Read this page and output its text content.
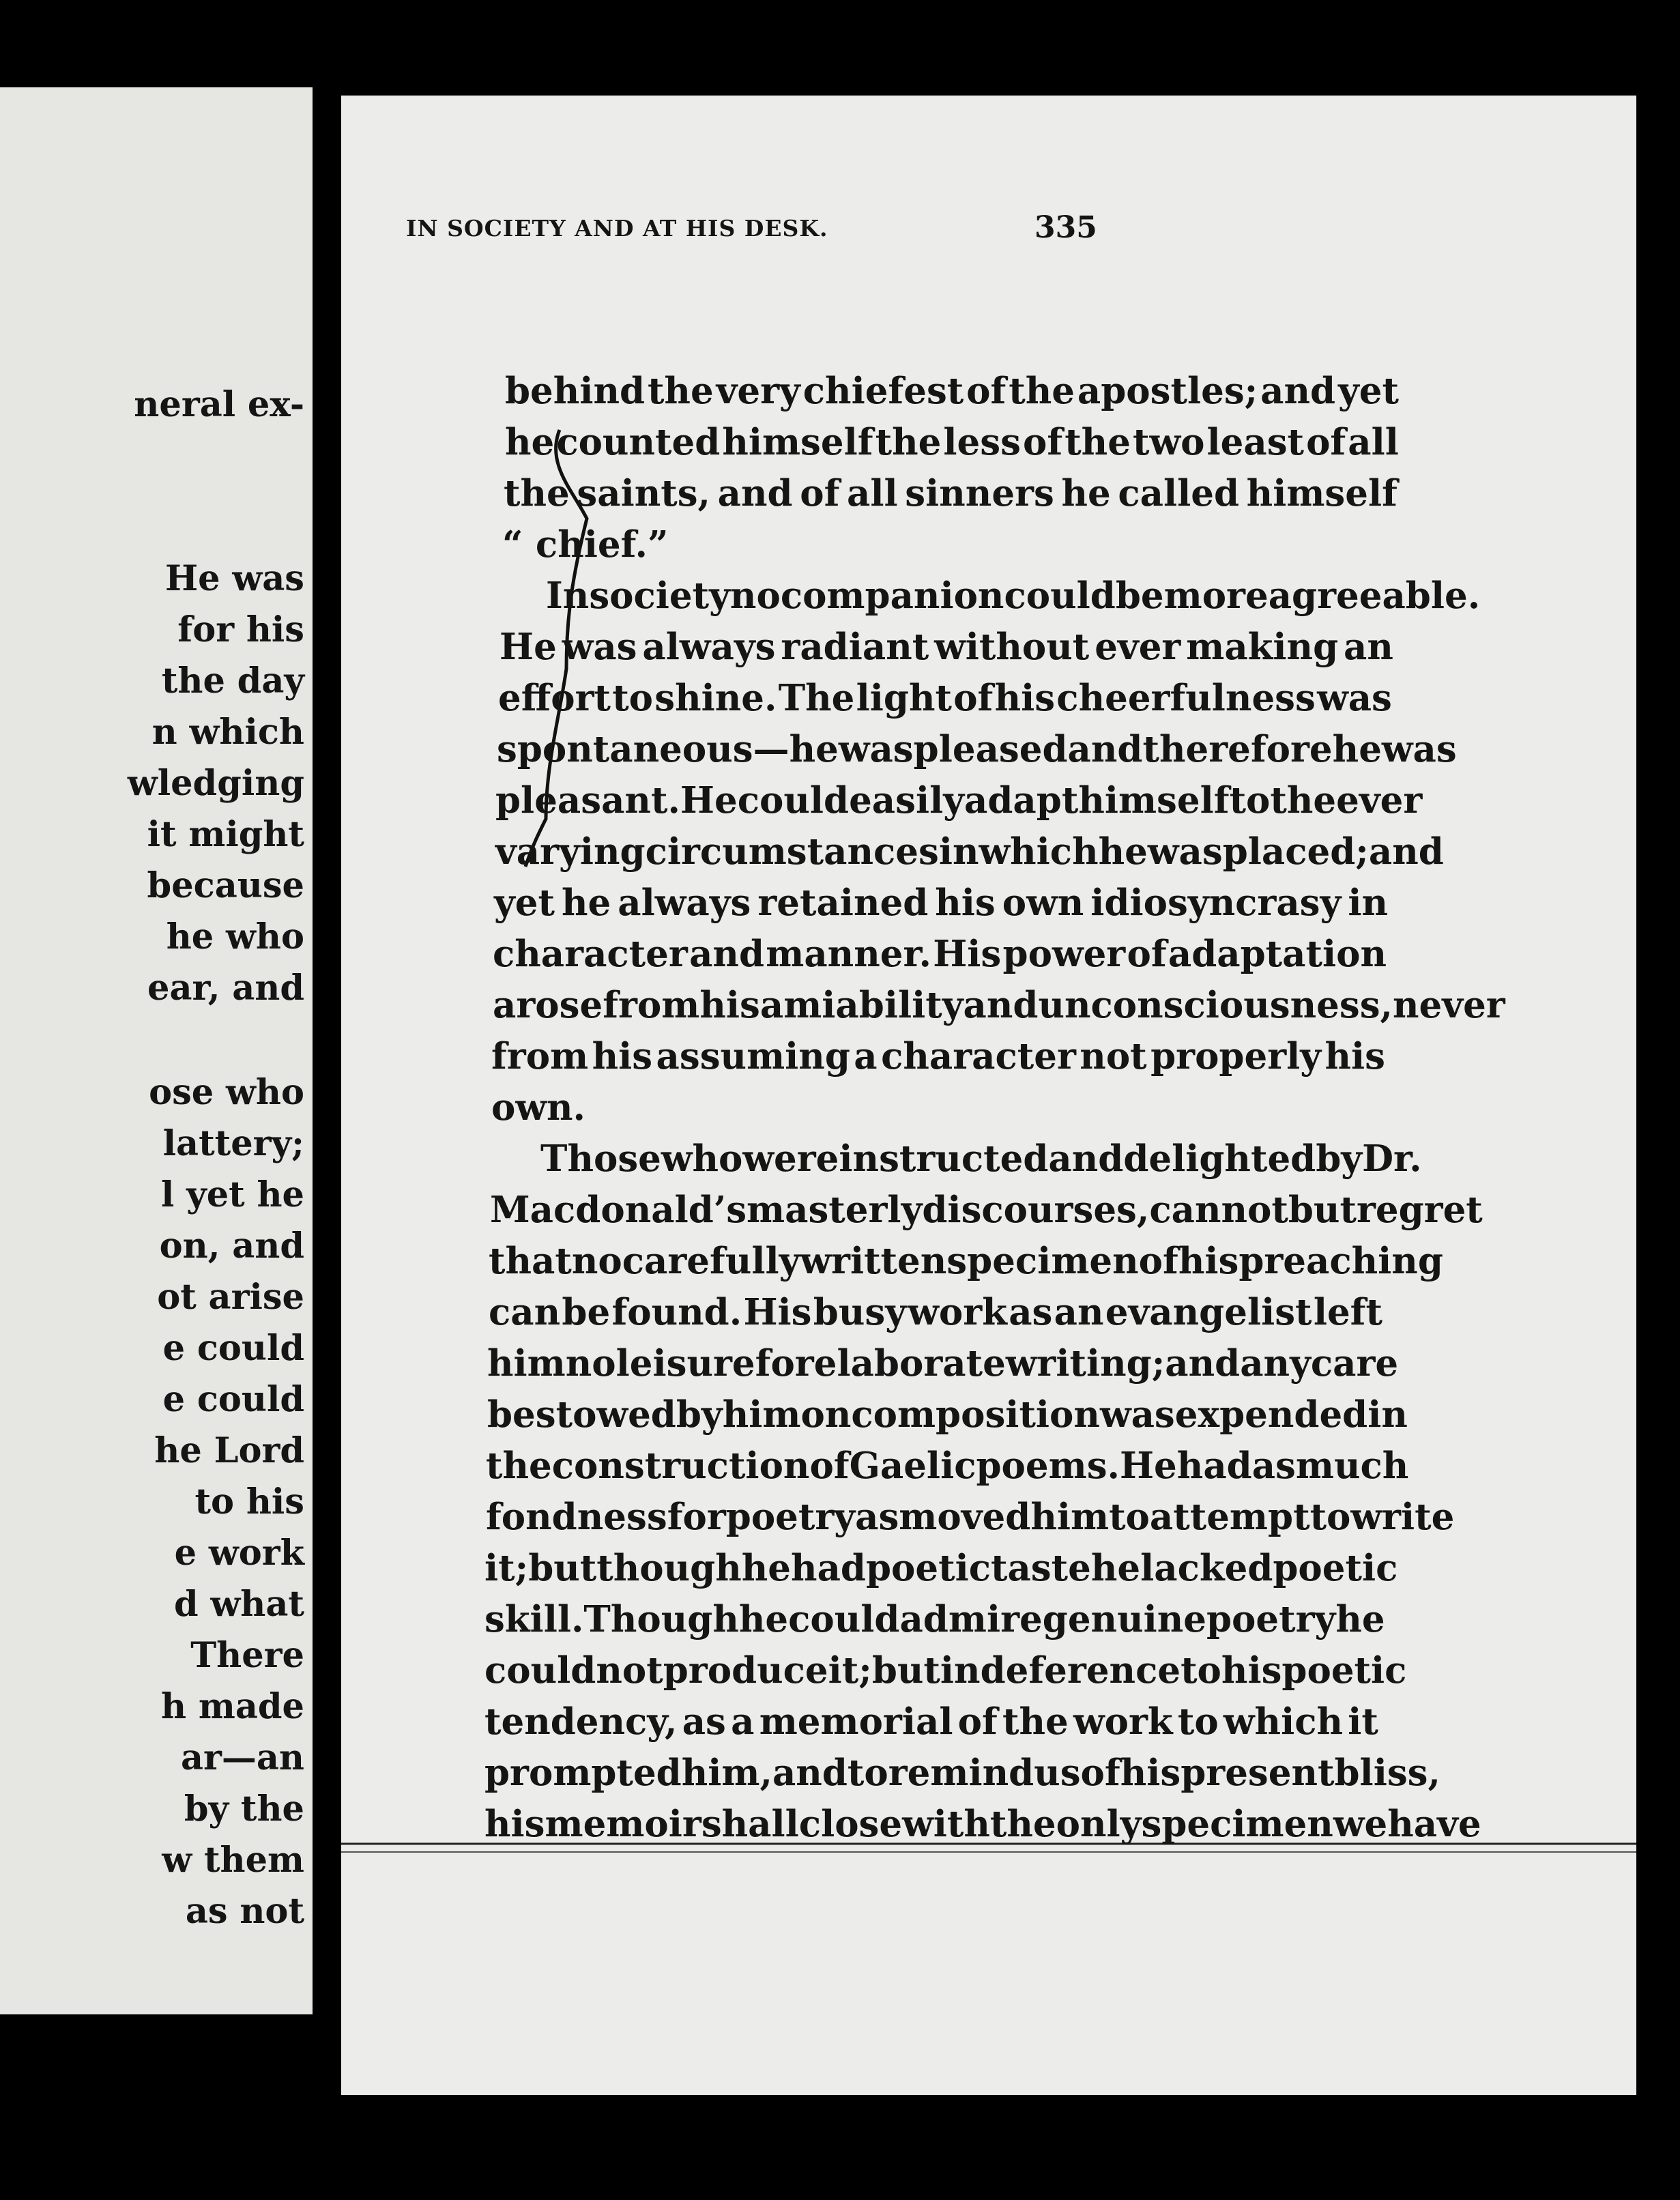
neral ex-
He was
for his
the day
n which
wledging
it might
because
he who
ear, and
ose who
lattery;
l yet he
on, and
ot arise
e could
e could
he Lord
to his
e work
d what
There
h made
ar—an
by the
w them
as not
IN SOCIETY AND AT HIS DESK.	335
behind the very chiefest of the apostles; and yet
he counted himself the less of the two least of all
the saints, and of all sinners he called himself
“ chief.”
In society no companion could be more agreeable.
He was always radiant without ever making an
effort to shine. The light of his cheerfulness was
spontaneous—he was pleased and therefore he was
pleasant. He could easily adapt himself to the ever
varying circumstances in which he was placed; and
yet he always retained his own idiosyncrasy in
character and manner. His power of adaptation
arose from his amiability and unconsciousness, never
from his assuming a character not properly his
own.
Those who were instructed and delighted by Dr.
Macdonald’s masterly discourses, cannot but regret
that no carefully written specimen of his preaching
can be found. His busy work as an evangelist left
him no leisure for elaborate writing; and any care
bestowed by him on composition was expended in
the construction of Gaelic poems. He had as much
fondness for poetry as moved him to attempt to write
it; but though he had poetic taste he lacked poetic
skill. Though he could admire genuine poetry he
could not produce it; but in deference to his poetic
tendency, as a memorial of the work to which it
prompted him, and to remind us of his present bliss,
his memoir shall close with the only specimen we have
